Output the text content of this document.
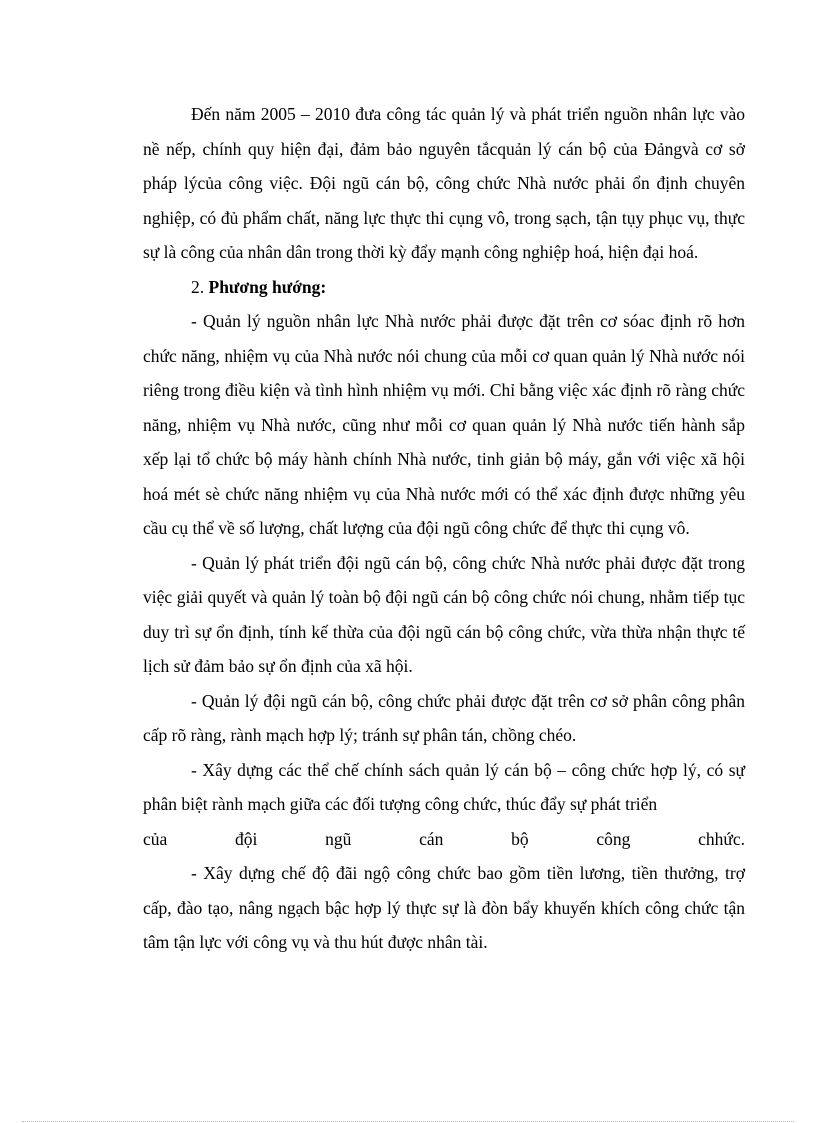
Đến năm 2005 – 2010 đưa công tác quản lý và phát triển nguồn nhân lực vào nề nếp, chính quy hiện đại, đảm bảo nguyên tắcquản lý cán bộ của Đảngvà cơ sở pháp lýcủa công việc. Đội ngũ cán bộ, công chức Nhà nước phải ổn định chuyên nghiệp, có đủ phẩm chất, năng lực thực thi cụng vô, trong sạch, tận tụy phục vụ, thực sự là công của nhân dân trong thời kỳ đẩy mạnh công nghiệp hoá, hiện đại hoá.

2. Phương hướng:

- Quản lý nguồn nhân lực Nhà nước phải được đặt trên cơ sóac định rõ hơn chức năng, nhiệm vụ của Nhà nước nói chung của mỗi cơ quan quản lý Nhà nước nói riêng trong điều kiện và tình hình nhiệm vụ mới. Chỉ bằng việc xác định rõ ràng chức năng, nhiệm vụ Nhà nước, cũng như mỗi cơ quan quản lý Nhà nước tiến hành sắp xếp lại tổ chức bộ máy hành chính Nhà nước, tinh giản bộ máy, gắn với việc xã hội hoá mét sè chức năng nhiệm vụ của Nhà nước mới có thể xác định được những yêu cầu cụ thể về số lượng, chất lượng của đội ngũ công chức để thực thi cụng vô.

- Quản lý phát triển đội ngũ cán bộ, công chức Nhà nước phải được đặt trong việc giải quyết và quản lý toàn bộ đội ngũ cán bộ công chức nói chung, nhằm tiếp tục duy trì sự ổn định, tính kế thừa của đội ngũ cán bộ công chức, vừa thừa nhận thực tế lịch sử đảm bảo sự ổn định của xã hội.

- Quản lý đội ngũ cán bộ, công chức phải được đặt trên cơ sở phân công phân cấp rõ ràng, rành mạch hợp lý; tránh sự phân tán, chồng chéo.

- Xây dựng các thể chế chính sách quản lý cán bộ – công chức hợp lý, có sự phân biệt rành mạch giữa các đối tượng công chức, thúc đẩy sự phát triển

của	đội	ngũ	cán	bộ	công	chhức.

- Xây dựng chế độ đãi ngộ công chức bao gồm tiền lương, tiền thưởng, trợ cấp, đào tạo, nâng ngạch bậc hợp lý thực sự là đòn bẩy khuyến khích công chức tận tâm tận lực với công vụ và thu hút được nhân tài.
